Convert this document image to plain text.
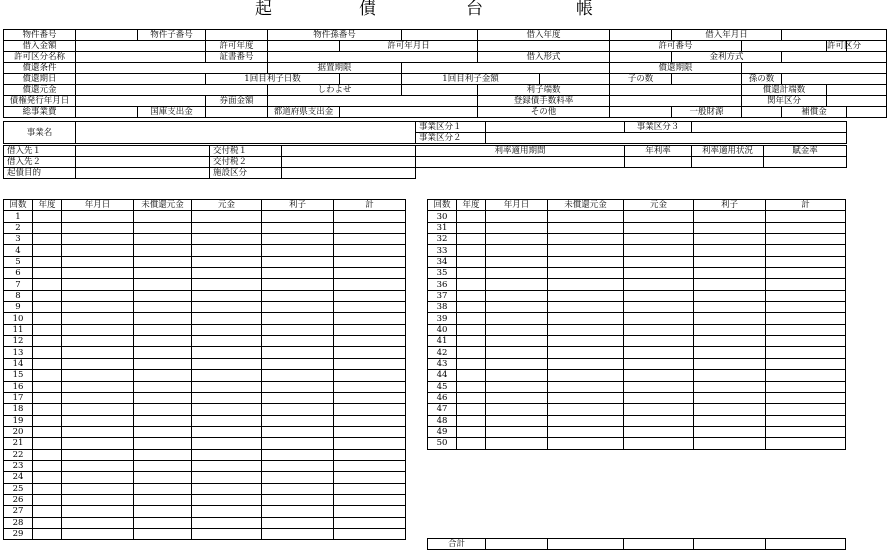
起	債	台	帳
物件番号		物件子番号		物件孫番号			借入年度			借入年月日				
借入金額			許可年度		許可年月日				許可番号				許可区分	
許可区分名称			証書番号				借入形式			金利方式				
償還条件				据置期限					償還期限					
償還期日			1回目利子日数			1回目利子金額			子の数		孫の数			
償還元金				しわよせ			利子端数				償還計端数			
債権発行年月日			券面金額				登録債手数料率				関年区分			
総事業費		国庫支出金		都道府県支出金			その他			一般財源		補償金		
事業名		事業区分１		事業区分３	
		事業区分２			
借入先１		交付税１		利率適用期間	年利率	利率適用状況	賦金率
借入先２		交付税２					
起債目的		施設区分					
回数	年度	年月日	未償還元金	元金	利子	計
1						
2						
3						
4						
5						
6						
7						
8						
9						
10						
11						
12						
13						
14						
15						
16						
17						
18						
19						
20						
21						
22						
23						
24						
25						
26						
27						
28						
29						
回数	年度	年月日	未償還元金	元金	利子	計
30						
31						
32						
33						
34						
35						
36						
37						
38						
39						
40						
41						
42						
43						
44						
45						
46						
47						
48						
49						
50						
合計					
